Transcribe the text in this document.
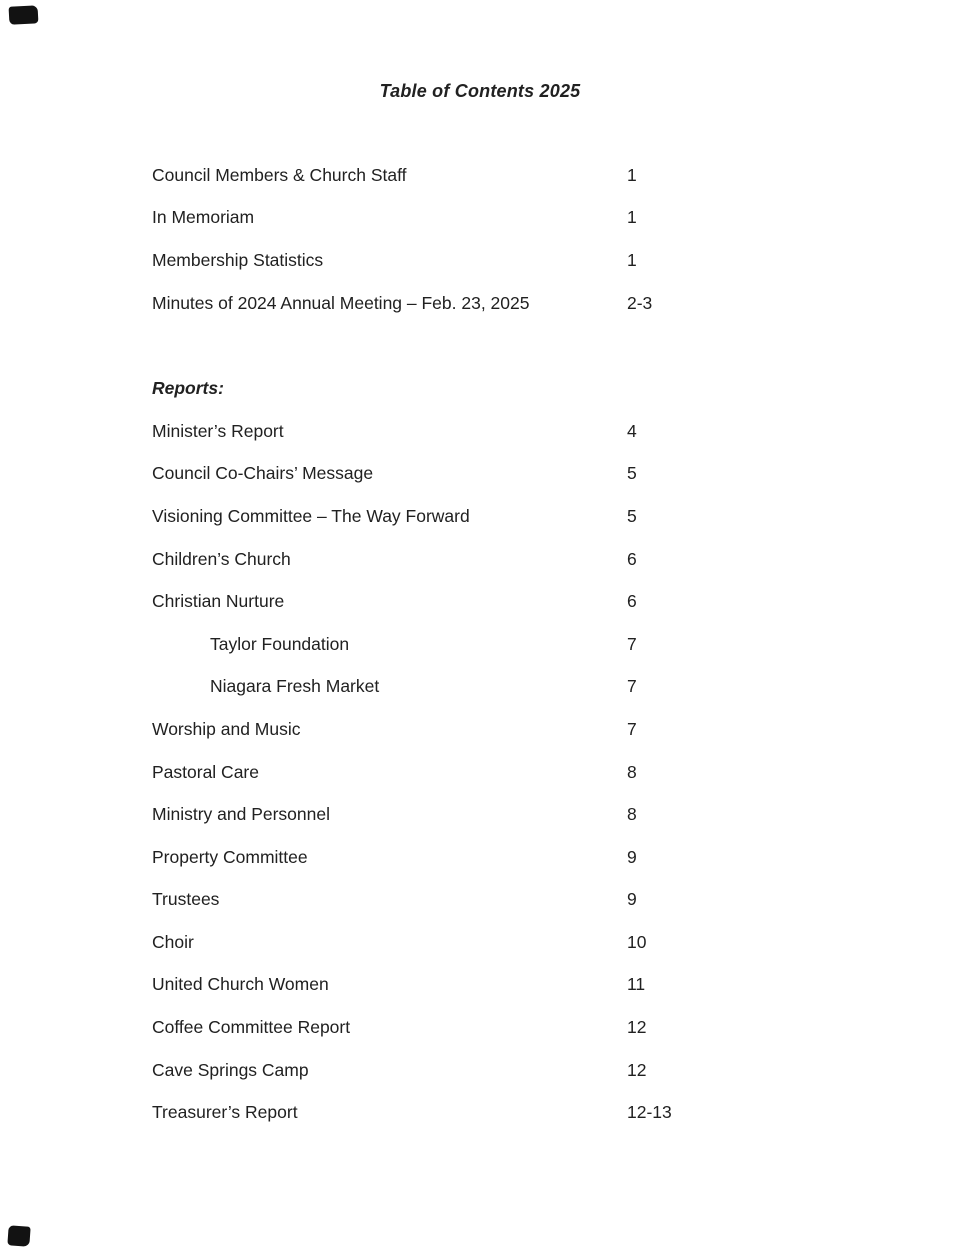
Table of Contents 2025
Council Members & Church Staff	1
In Memoriam	1
Membership Statistics	1
Minutes of 2024 Annual Meeting – Feb. 23, 2025	2-3
Reports:
Minister’s Report	4
Council Co-Chairs’ Message	5
Visioning Committee – The Way Forward	5
Children’s Church	6
Christian Nurture	6
Taylor Foundation	7
Niagara Fresh Market	7
Worship and Music	7
Pastoral Care	8
Ministry and Personnel	8
Property Committee	9
Trustees	9
Choir	10
United Church Women	11
Coffee Committee Report	12
Cave Springs Camp	12
Treasurer’s Report	12-13
